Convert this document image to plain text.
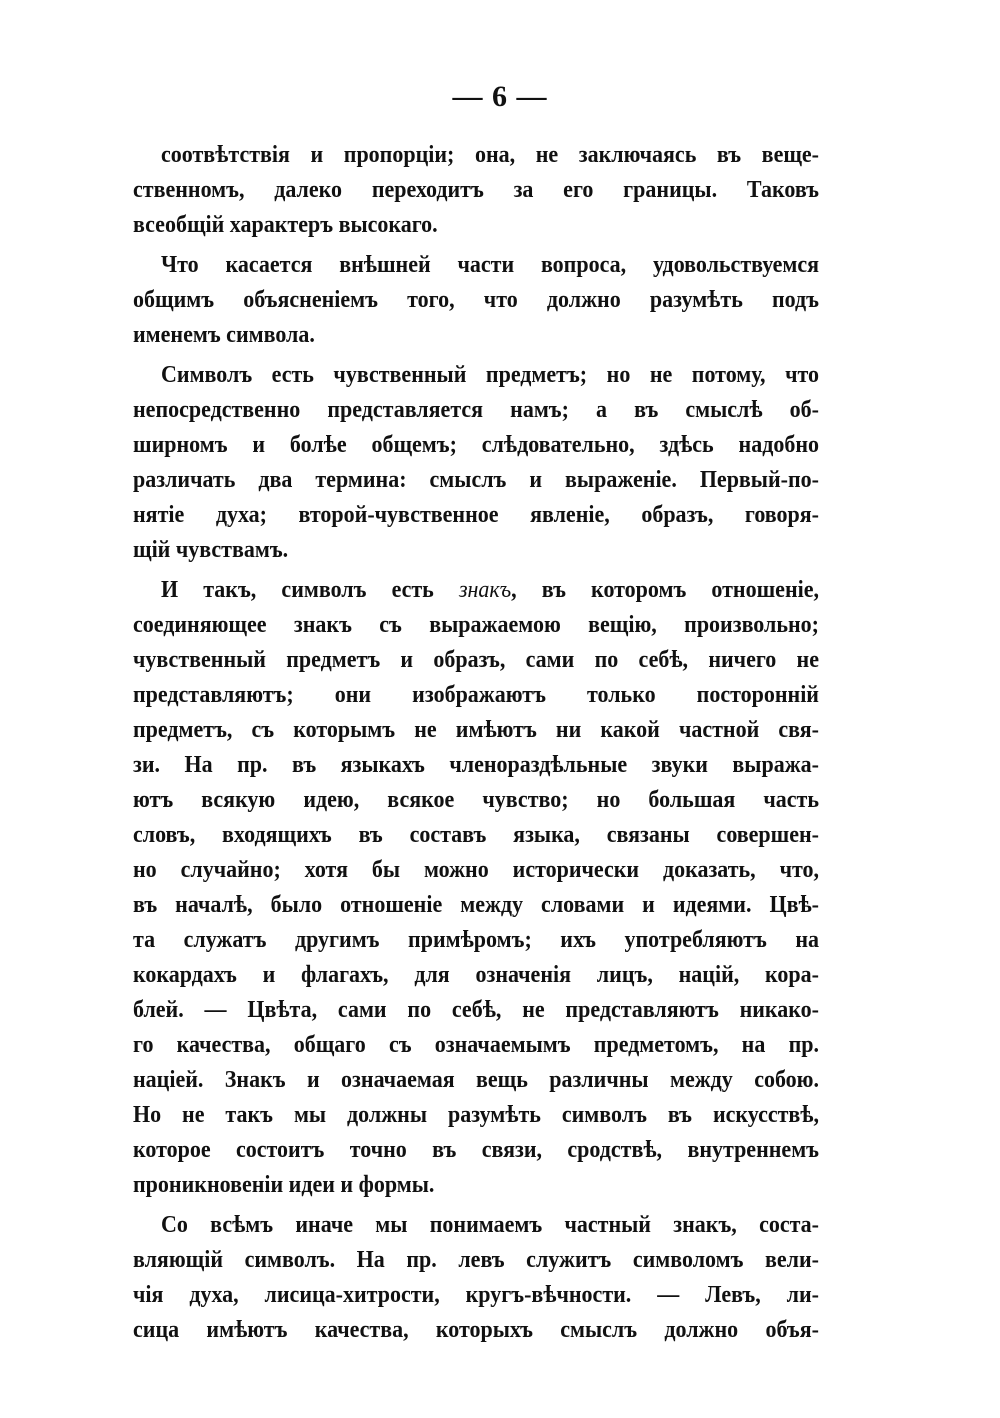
— 6 —
соотвѣтствія и пропорціи; она, не заключаясь въ веще-
ственномъ, далеко переходитъ за его границы. Таковъ
всеобщій характеръ высокаго.
Что касается внѣшней части вопроса, удовольствуемся
общимъ объясненіемъ того, что должно разумѣть подъ
именемъ символа.
Символъ есть чувственный предметъ; но не потому, что
непосредственно представляется намъ; а въ смыслѣ об-
ширномъ и болѣе общемъ; слѣдовательно, здѣсь надобно
различать два термина: смыслъ и выраженіе. Первый-по-
нятіе духа; второй-чувственное явленіе, образъ, говоря-
щій чувствамъ.
И такъ, символъ есть знакъ, въ которомъ отношеніе,
соединяющее знакъ съ выражаемою вещію, произвольно;
чувственный предметъ и образъ, сами по себѣ, ничего не
представляютъ; они изображаютъ только посторонній
предметъ, съ которымъ не имѣютъ ни какой частной свя-
зи. На пр. въ языкахъ членораздѣльные звуки выража-
ютъ всякую идею, всякое чувство; но большая часть
словъ, входящихъ въ составъ языка, связаны совершен-
но случайно; хотя бы можно исторически доказать, что,
въ началѣ, было отношеніе между словами и идеями. Цвѣ-
та служатъ другимъ примѣромъ; ихъ употребляютъ на
кокардахъ и флагахъ, для означенія лицъ, націй, кора-
блей. — Цвѣта, сами по себѣ, не представляютъ никако-
го качества, общаго съ означаемымъ предметомъ, на пр.
націей. Знакъ и означаемая вещь различны между собою.
Но не такъ мы должны разумѣть символъ въ искусствѣ,
которое состоитъ точно въ связи, сродствѣ, внутреннемъ
проникновеніи идеи и формы.
Со всѣмъ иначе мы понимаемъ частный знакъ, соста-
вляющій символъ. На пр. левъ служитъ символомъ вели-
чія духа, лисица-хитрости, кругъ-вѣчности. — Левъ, ли-
сица имѣютъ качества, которыхъ смыслъ должно объя-
